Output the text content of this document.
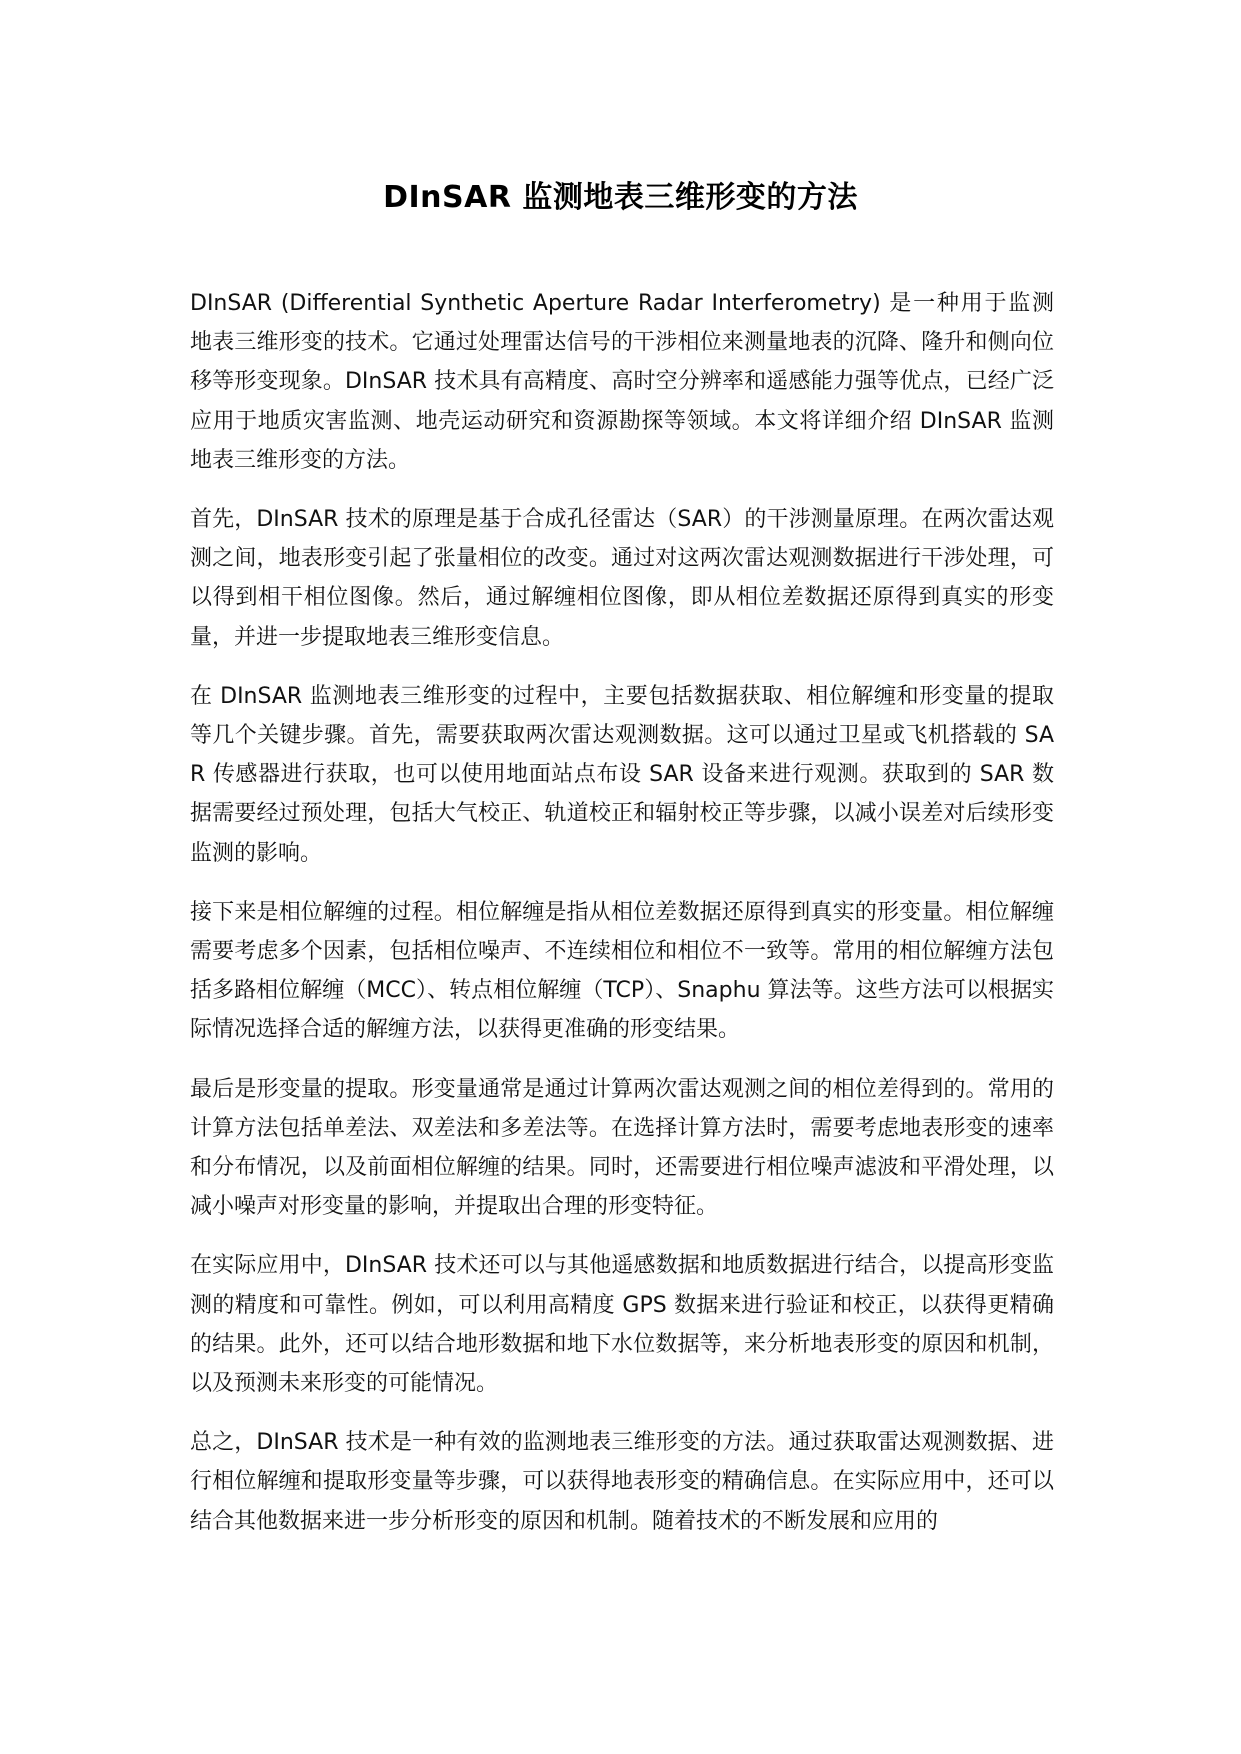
DInSAR 监测地表三维形变的方法

DInSAR (Differential Synthetic Aperture Radar Interferometry) 是一种用于监测地表三维形变的技术。它通过处理雷达信号的干涉相位来测量地表的沉降、隆升和侧向位移等形变现象。DInSAR 技术具有高精度、高时空分辨率和遥感能力强等优点，已经广泛应用于地质灾害监测、地壳运动研究和资源勘探等领域。本文将详细介绍 DInSAR 监测地表三维形变的方法。

首先，DInSAR 技术的原理是基于合成孔径雷达（SAR）的干涉测量原理。在两次雷达观测之间，地表形变引起了张量相位的改变。通过对这两次雷达观测数据进行干涉处理，可以得到相干相位图像。然后，通过解缠相位图像，即从相位差数据还原得到真实的形变量，并进一步提取地表三维形变信息。

在 DInSAR 监测地表三维形变的过程中，主要包括数据获取、相位解缠和形变量的提取等几个关键步骤。首先，需要获取两次雷达观测数据。这可以通过卫星或飞机搭载的 SAR 传感器进行获取，也可以使用地面站点布设 SAR 设备来进行观测。获取到的 SAR 数据需要经过预处理，包括大气校正、轨道校正和辐射校正等步骤，以减小误差对后续形变监测的影响。

接下来是相位解缠的过程。相位解缠是指从相位差数据还原得到真实的形变量。相位解缠需要考虑多个因素，包括相位噪声、不连续相位和相位不一致等。常用的相位解缠方法包括多路相位解缠（MCC）、转点相位解缠（TCP）、Snaphu 算法等。这些方法可以根据实际情况选择合适的解缠方法，以获得更准确的形变结果。

最后是形变量的提取。形变量通常是通过计算两次雷达观测之间的相位差得到的。常用的计算方法包括单差法、双差法和多差法等。在选择计算方法时，需要考虑地表形变的速率和分布情况，以及前面相位解缠的结果。同时，还需要进行相位噪声滤波和平滑处理，以减小噪声对形变量的影响，并提取出合理的形变特征。

在实际应用中，DInSAR 技术还可以与其他遥感数据和地质数据进行结合，以提高形变监测的精度和可靠性。例如，可以利用高精度 GPS 数据来进行验证和校正，以获得更精确的结果。此外，还可以结合地形数据和地下水位数据等，来分析地表形变的原因和机制，以及预测未来形变的可能情况。

总之，DInSAR 技术是一种有效的监测地表三维形变的方法。通过获取雷达观测数据、进行相位解缠和提取形变量等步骤，可以获得地表形变的精确信息。在实际应用中，还可以结合其他数据来进一步分析形变的原因和机制。随着技术的不断发展和应用的
